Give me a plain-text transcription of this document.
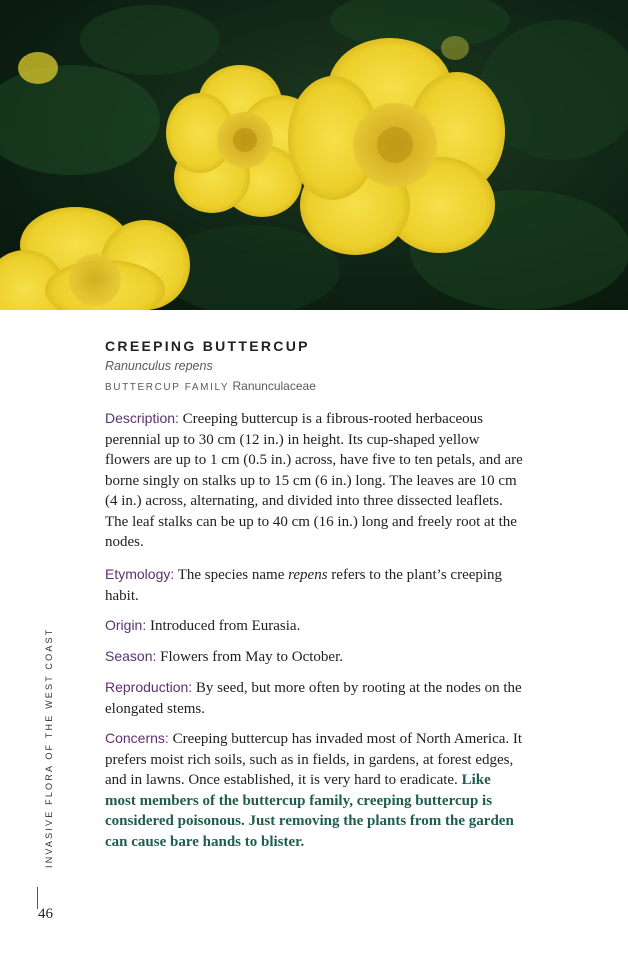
CREEPING BUTTERCUP
Ranunculus repens
BUTTERCUP FAMILY Ranunculaceae

Description: Creeping buttercup is a fibrous-rooted herbaceous perennial up to 30 cm (12 in.) in height. Its cup-shaped yellow flowers are up to 1 cm (0.5 in.) across, have five to ten petals, and are borne singly on stalks up to 15 cm (6 in.) long. The leaves are 10 cm (4 in.) across, alternating, and divided into three dissected leaflets. The leaf stalks can be up to 40 cm (16 in.) long and freely root at the nodes.

Etymology: The species name repens refers to the plant’s creeping habit.

Origin: Introduced from Eurasia.

Season: Flowers from May to October.

Reproduction: By seed, but more often by rooting at the nodes on the elongated stems.

Concerns: Creeping buttercup has invaded most of North America. It prefers moist rich soils, such as in fields, in gardens, at forest edges, and in lawns. Once established, it is very hard to eradicate. Like most members of the buttercup family, creeping buttercup is considered poisonous. Just removing the plants from the garden can cause bare hands to blister.

INVASIVE FLORA OF THE WEST COAST
46
